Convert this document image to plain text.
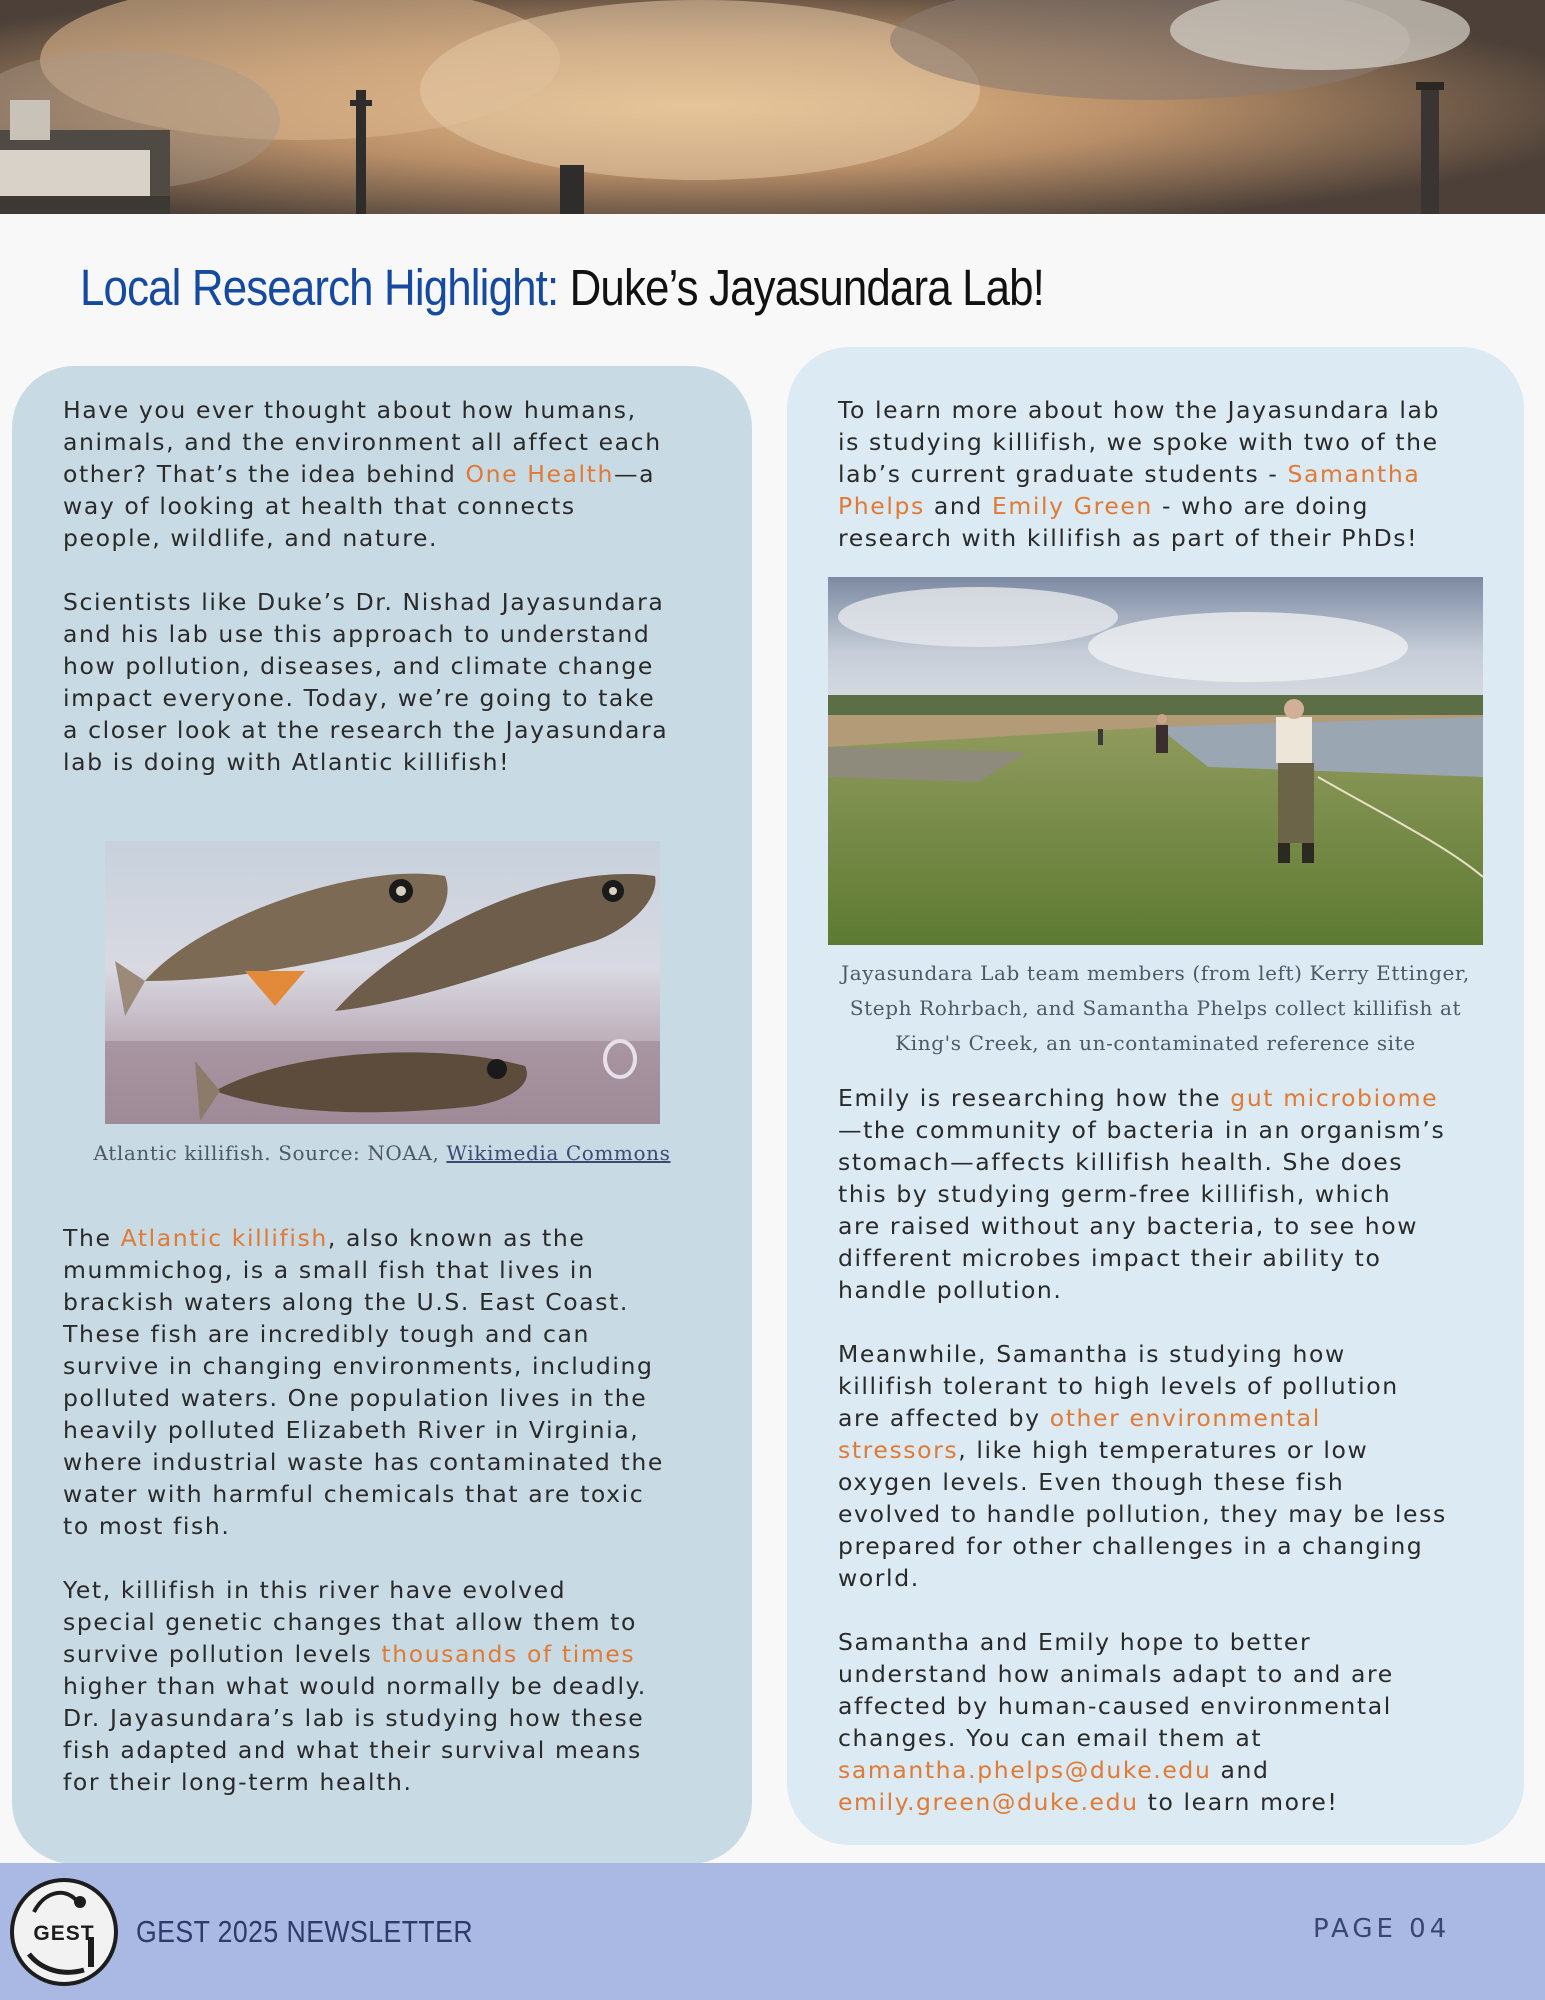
Local Research Highlight: Duke’s Jayasundara Lab!
Have you ever thought about how humans,
animals, and the environment all affect each
other? That’s the idea behind One Health—a
way of looking at health that connects
people, wildlife, and nature.
Scientists like Duke’s Dr. Nishad Jayasundara
and his lab use this approach to understand
how pollution, diseases, and climate change
impact everyone. Today, we’re going to take
a closer look at the research the Jayasundara
lab is doing with Atlantic killifish!
Atlantic killifish. Source: NOAA, Wikimedia Commons
The Atlantic killifish, also known as the
mummichog, is a small fish that lives in
brackish waters along the U.S. East Coast.
These fish are incredibly tough and can
survive in changing environments, including
polluted waters. One population lives in the
heavily polluted Elizabeth River in Virginia,
where industrial waste has contaminated the
water with harmful chemicals that are toxic
to most fish.
Yet, killifish in this river have evolved
special genetic changes that allow them to
survive pollution levels thousands of times
higher than what would normally be deadly.
Dr. Jayasundara’s lab is studying how these
fish adapted and what their survival means
for their long-term health.
To learn more about how the Jayasundara lab
is studying killifish, we spoke with two of the
lab’s current graduate students - Samantha
Phelps and Emily Green - who are doing
research with killifish as part of their PhDs!
Jayasundara Lab team members (from left) Kerry Ettinger,
Steph Rohrbach, and Samantha Phelps collect killifish at
King's Creek, an un-contaminated reference site
Emily is researching how the gut microbiome
—the community of bacteria in an organism’s
stomach—affects killifish health. She does
this by studying germ-free killifish, which
are raised without any bacteria, to see how
different microbes impact their ability to
handle pollution.
Meanwhile, Samantha is studying how
killifish tolerant to high levels of pollution
are affected by other environmental
stressors, like high temperatures or low
oxygen levels. Even though these fish
evolved to handle pollution, they may be less
prepared for other challenges in a changing
world.
Samantha and Emily hope to better
understand how animals adapt to and are
affected by human-caused environmental
changes. You can email them at
samantha.phelps@duke.edu and
emily.green@duke.edu to learn more!
GEST	GEST 2025 NEWSLETTER	PAGE 04
